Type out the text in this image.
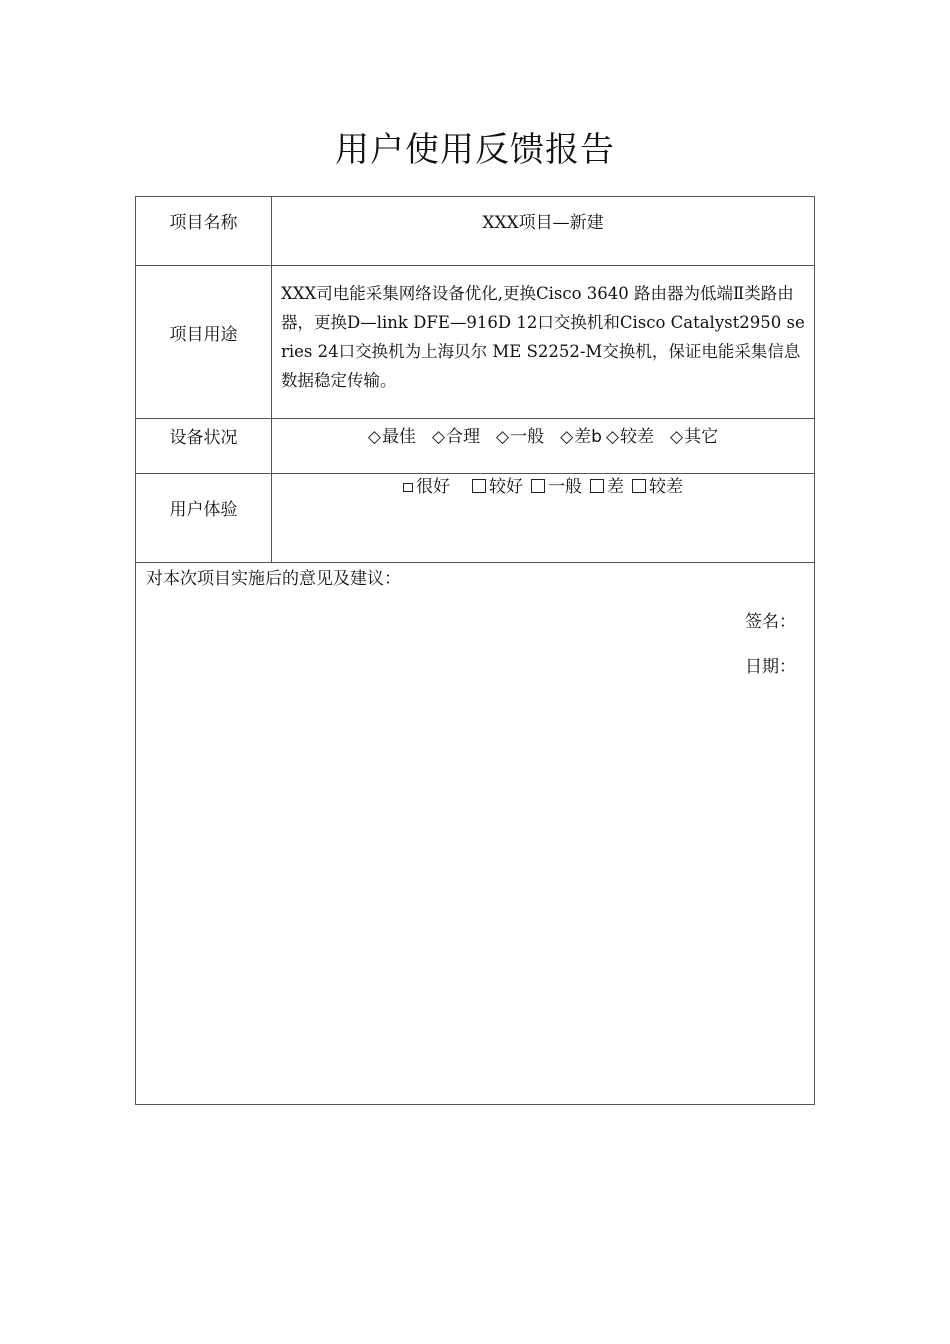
用户使用反馈报告
项目名称	XXX项目—新建
项目用途
XXX司电能采集网络设备优化,更换Cisco 3640 路由器为低端Ⅱ类路由器，更换D—link DFE—916D 12口交换机和Cisco Catalyst2950 series 24口交换机为上海贝尔 ME S2252-M交换机，保证电能采集信息数据稳定传输。
设备状况	◇最佳 ◇合理 ◇一般 ◇差b ◇较差 ◇其它
用户体验
很好 较好 一般 差 较差
对本次项目实施后的意见及建议：
签名：
日期：
